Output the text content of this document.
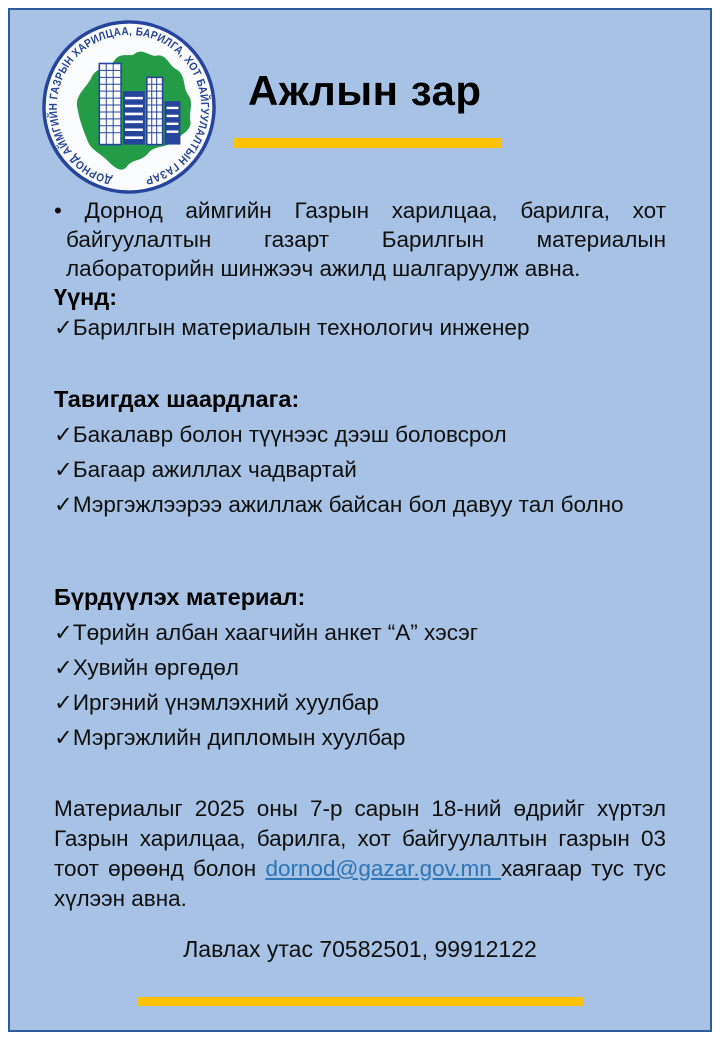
ДОРНОД АЙМГИЙН ГАЗРЫН ХАРИЛЦАА, БАРИЛГА, ХОТ БАЙГУУЛАЛТЫН ГАЗАР
Ажлын зар

• Дорнод аймгийн Газрын харилцаа, барилга, хот байгуулалтын газарт Барилгын материалын лабораторийн шинжээч ажилд шалгаруулж авна.

Үүнд:

✓Барилгын материалын технологич инженер

Тавигдах шаардлага:

✓Бакалавр болон түүнээс дээш боловсрол

✓Багаар ажиллах чадвартай

✓Мэргэжлээрээ ажиллаж байсан бол давуу тал болно

Бүрдүүлэх материал:

✓Төрийн албан хаагчийн анкет “А” хэсэг

✓Хувийн өргөдөл

✓Иргэний үнэмлэхний хуулбар

✓Мэргэжлийн дипломын хуулбар

Материалыг 2025 оны 7-р сарын 18-ний өдрийг хүртэл Газрын харилцаа, барилга, хот байгуулалтын газрын 03 тоот өрөөнд болон dornod@gazar.gov.mn хаягаар тус тус хүлээн авна.

Лавлах утас 70582501, 99912122
